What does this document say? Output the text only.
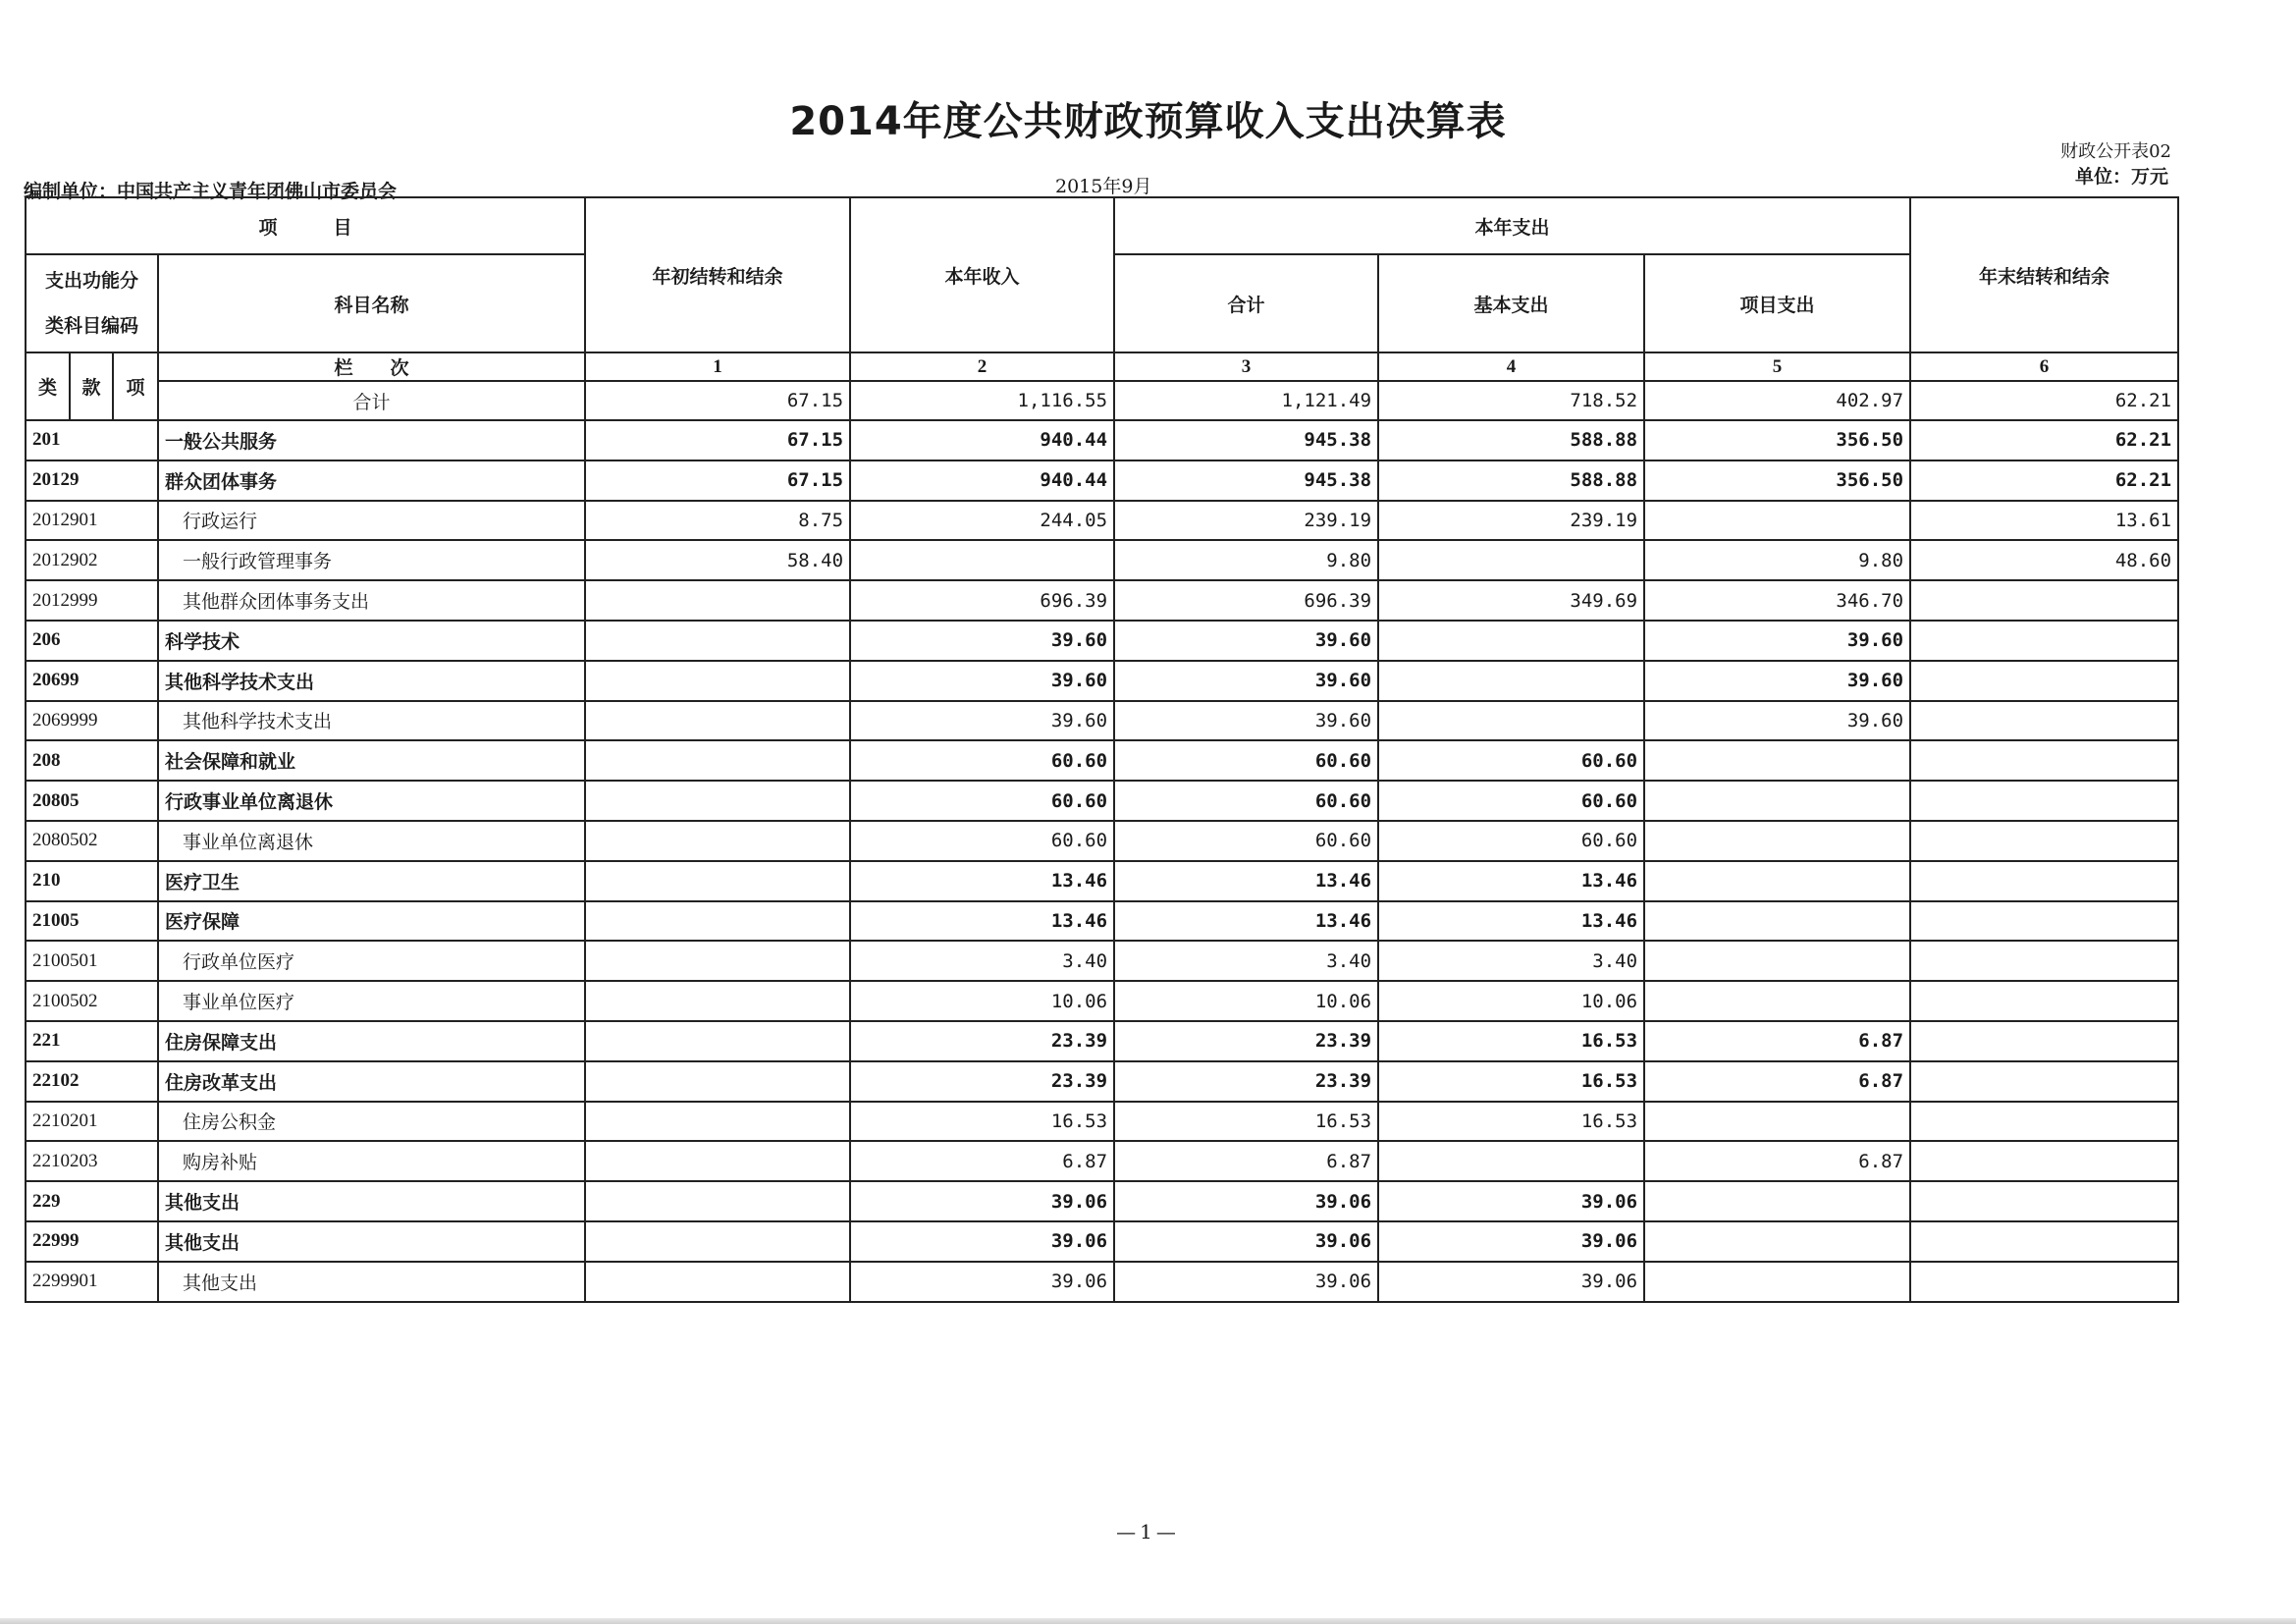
2014年度公共财政预算收入支出决算表
财政公开表02
单位：万元
编制单位：中国共产主义青年团佛山市委员会	2015年9月
项　　　目				年初结转和结余	本年收入	本年支出			年末结转和结余

支出功能分
类科目编码			科目名称			合计	基本支出	项目支出	
类	款	项	栏　　次	1	2	3	4	5	6
			合计	67.15	1,116.55	1,121.49	718.52	402.97	62.21
201			一般公共服务	67.15	940.44	945.38	588.88	356.50	62.21
20129			群众团体事务	67.15	940.44	945.38	588.88	356.50	62.21
2012901			行政运行	8.75	244.05	239.19	239.19		13.61
2012902			一般行政管理事务	58.40		9.80		9.80	48.60
2012999			其他群众团体事务支出		696.39	696.39	349.69	346.70	
206			科学技术		39.60	39.60		39.60	
20699			其他科学技术支出		39.60	39.60		39.60	
2069999			其他科学技术支出		39.60	39.60		39.60	
208			社会保障和就业		60.60	60.60	60.60		
20805			行政事业单位离退休		60.60	60.60	60.60		
2080502			事业单位离退休		60.60	60.60	60.60		
210			医疗卫生		13.46	13.46	13.46		
21005			医疗保障		13.46	13.46	13.46		
2100501			行政单位医疗		3.40	3.40	3.40		
2100502			事业单位医疗		10.06	10.06	10.06		
221			住房保障支出		23.39	23.39	16.53	6.87	
22102			住房改革支出		23.39	23.39	16.53	6.87	
2210201			住房公积金		16.53	16.53	16.53		
2210203			购房补贴		6.87	6.87		6.87	
229			其他支出		39.06	39.06	39.06		
22999			其他支出		39.06	39.06	39.06		
2299901			其他支出		39.06	39.06	39.06		
—1—
